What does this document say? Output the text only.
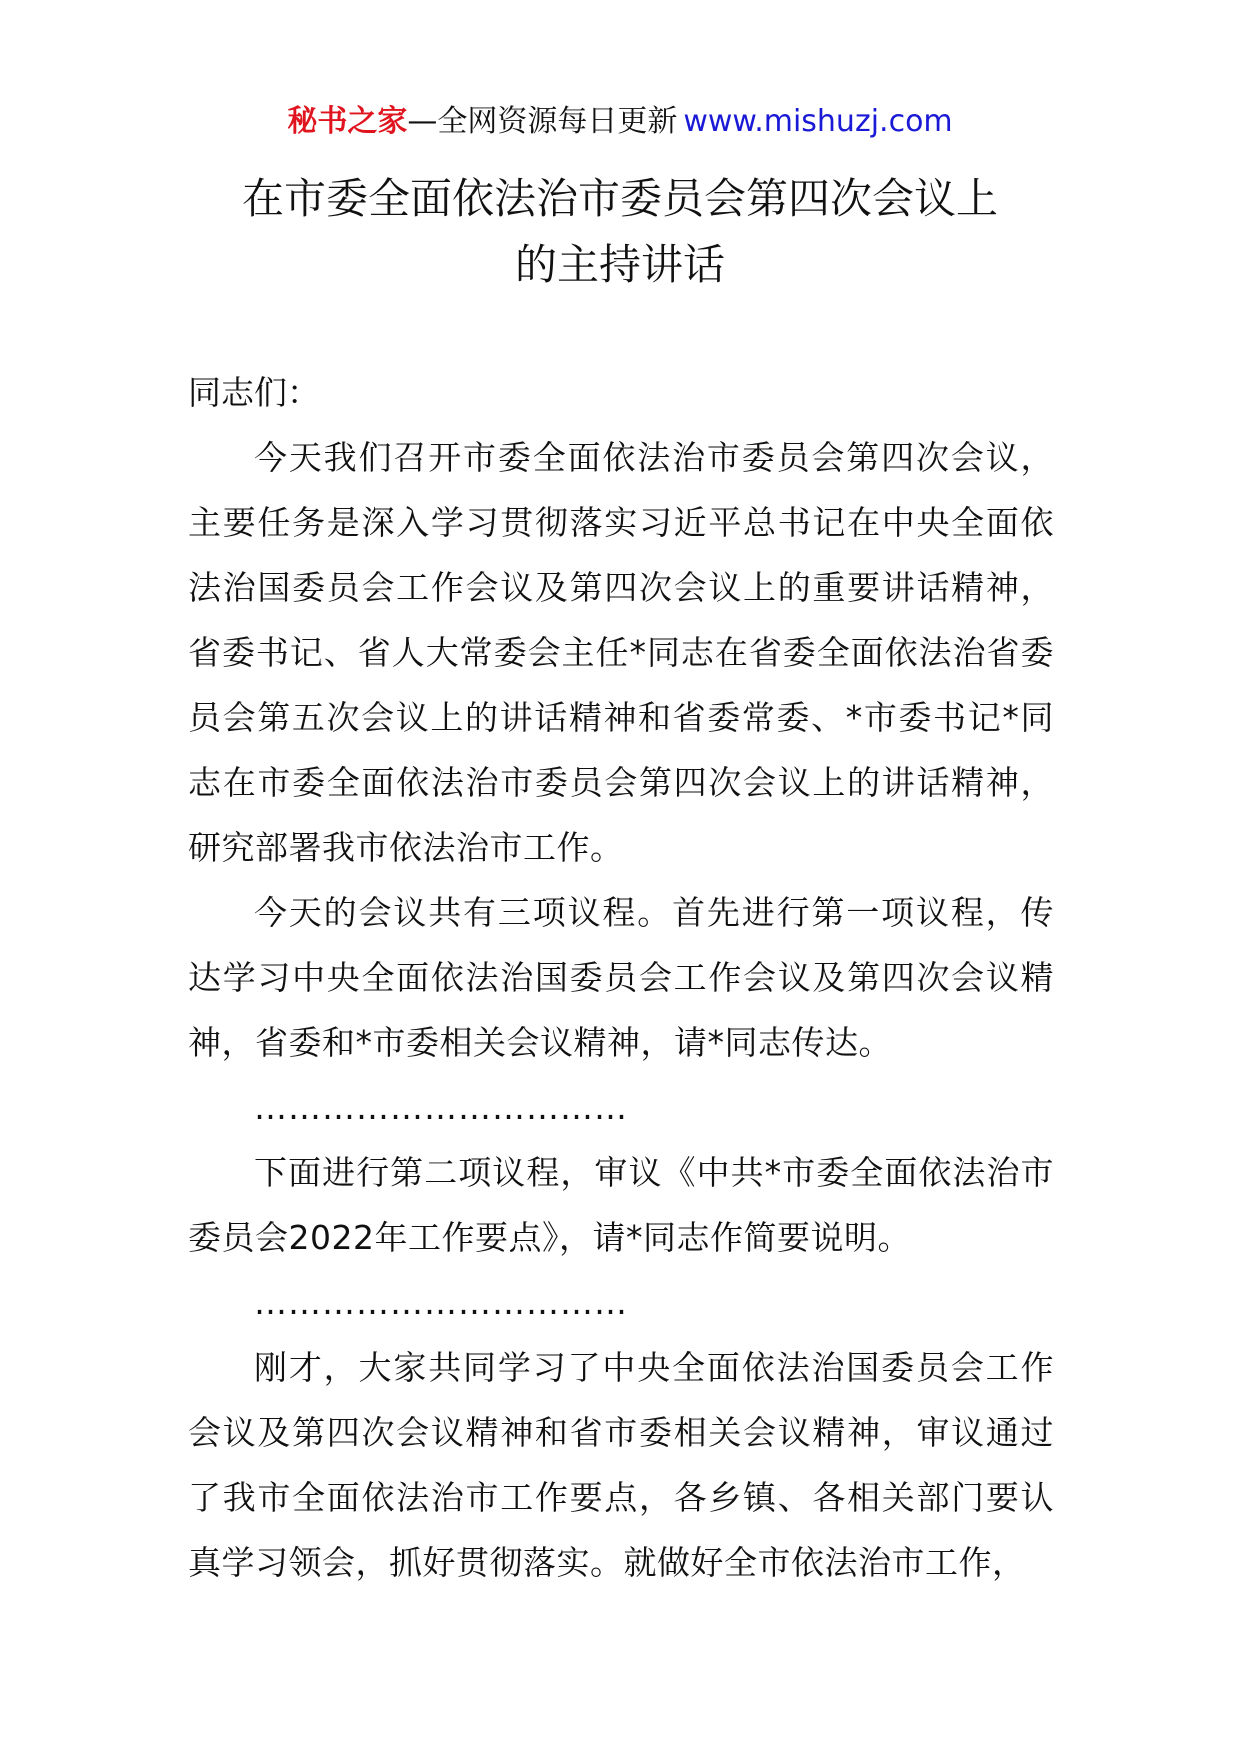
秘书之家—全网资源每日更新 www.mishuzj.com
在市委全面依法治市委员会第四次会议上
的主持讲话

同志们：

今天我们召开市委全面依法治市委员会第四次会议，主要任务是深入学习贯彻落实习近平总书记在中央全面依法治国委员会工作会议及第四次会议上的重要讲话精神，省委书记、省人大常委会主任*同志在省委全面依法治省委员会第五次会议上的讲话精神和省委常委、*市委书记*同志在市委全面依法治市委员会第四次会议上的讲话精神，研究部署我市依法治市工作。

今天的会议共有三项议程。首先进行第一项议程，传达学习中央全面依法治国委员会工作会议及第四次会议精神，省委和*市委相关会议精神，请*同志传达。

……………………………

下面进行第二项议程，审议《中共*市委全面依法治市委员会2022年工作要点》，请*同志作简要说明。

……………………………

刚才，大家共同学习了中央全面依法治国委员会工作会议及第四次会议精神和省市委相关会议精神，审议通过了我市全面依法治市工作要点，各乡镇、各相关部门要认真学习领会，抓好贯彻落实。就做好全市依法治市工作，
